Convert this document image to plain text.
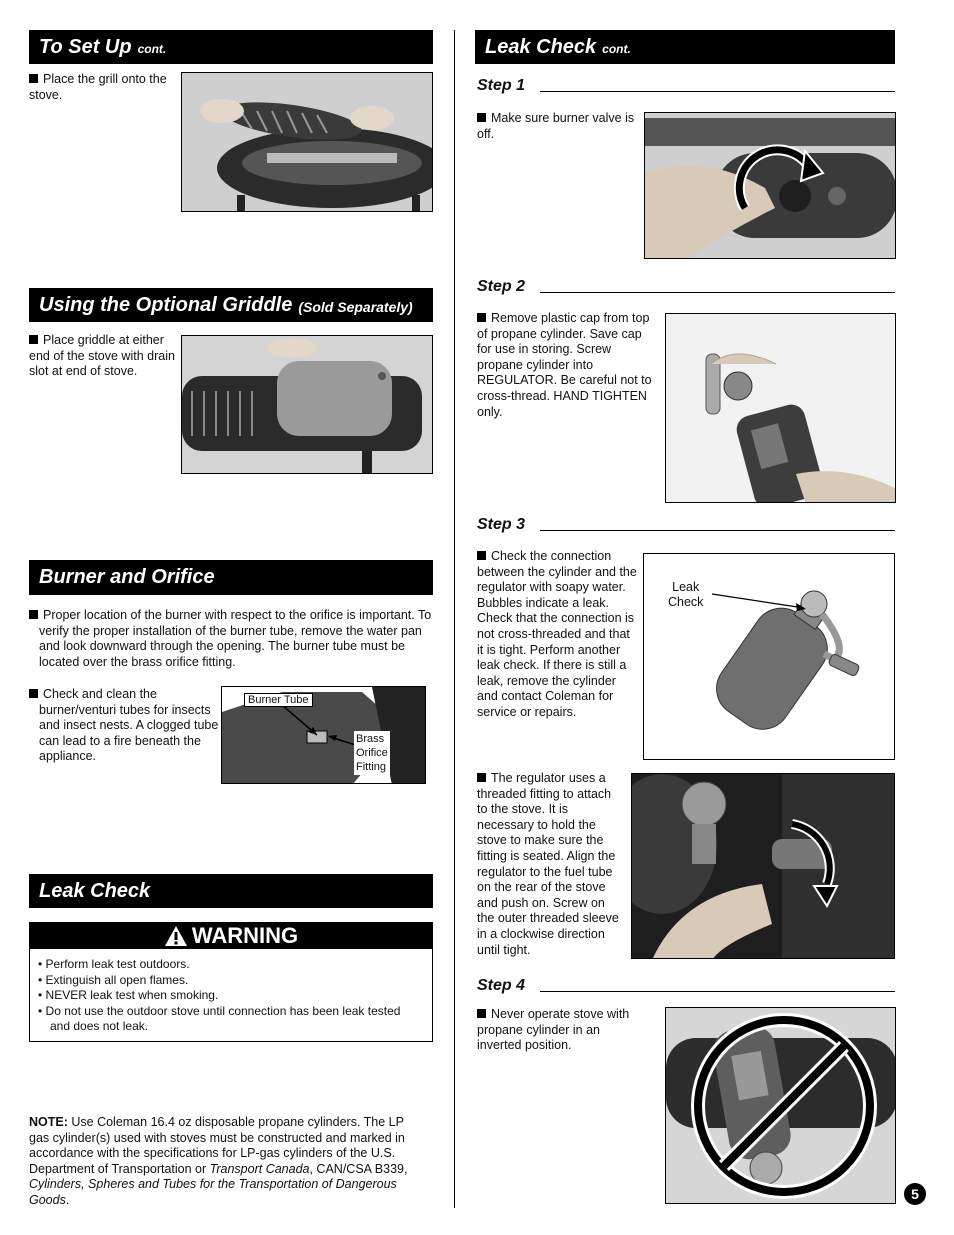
To Set Up cont.
Place the grill onto the stove.
Using the Optional Griddle (Sold Separately)
Place griddle at either end of the stove with drain slot at end of stove.
Burner and Orifice
Proper location of the burner with respect to the orifice is important. To verify the proper installation of the burner tube, remove the water pan and look downward through the opening. The burner tube must be located over the brass orifice fitting.
Check and clean the burner/venturi tubes for insects and insect nests. A clogged tube can lead to a fire beneath the appliance.
Burner Tube
Brass
Orifice
Fitting
Leak Check
WARNING
• Perform leak test outdoors.
• Extinguish all open flames.
• NEVER leak test when smoking.
• Do not use the outdoor stove until connection has been leak tested and does not leak.
NOTE: Use Coleman 16.4 oz disposable propane cylinders. The LP gas cylinder(s) used with stoves must be constructed and marked in accordance with the specifications for LP-gas cylinders of the U.S. Department of Transportation or Transport Canada, CAN/CSA B339, Cylinders, Spheres and Tubes for the Transportation of Dangerous Goods.
Leak Check cont.
Step 1
Make sure burner valve is off.
Step 2
Remove plastic cap from top of propane cylinder. Save cap for use in storing. Screw propane cylinder into REGULATOR. Be careful not to cross-thread. HAND TIGHTEN only.
Step 3
Check the connection between the cylinder and the regulator with soapy water. Bubbles indicate a leak. Check that the connection is not cross-threaded and that it is tight. Perform another leak check. If there is still a leak, remove the cylinder and contact Coleman for service or repairs.
Leak
Check
The regulator uses a threaded fitting to attach to the stove. It is necessary to hold the stove to make sure the fitting is seated. Align the regulator to the fuel tube on the rear of the stove and push on. Screw on the outer threaded sleeve in a clockwise direction until tight.
Step 4
Never operate stove with propane cylinder in an inverted position.
5
